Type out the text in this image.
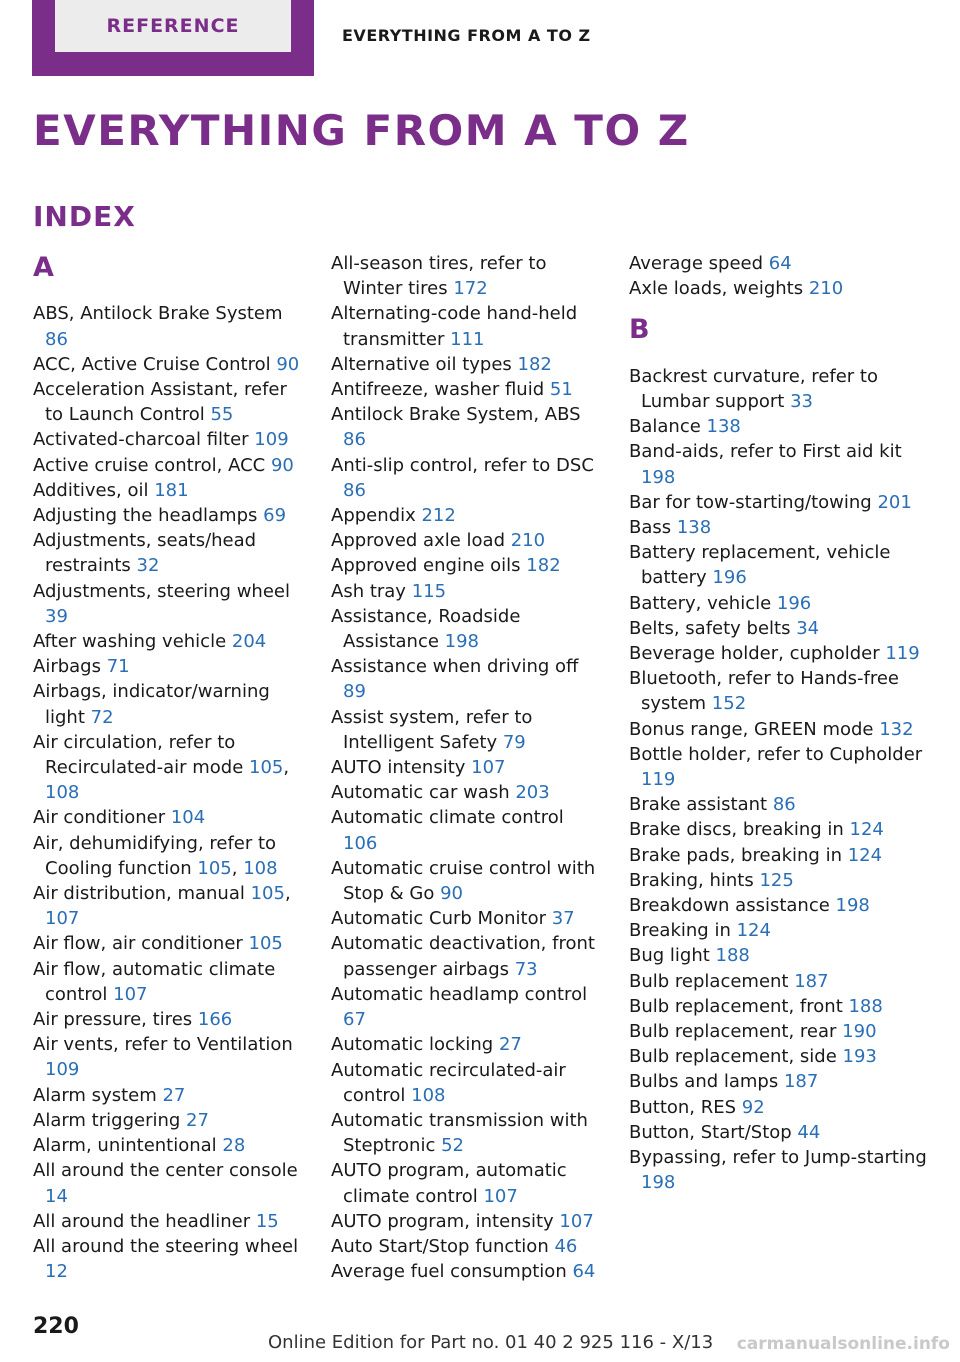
REFERENCE	EVERYTHING FROM A TO Z
EVERYTHING FROM A TO Z
INDEX
A
ABS, Antilock Brake System 86
ACC, Active Cruise Control 90
Acceleration Assistant, refer to Launch Control 55
Activated-charcoal filter 109
Active cruise control, ACC 90
Additives, oil 181
Adjusting the headlamps 69
Adjustments, seats/head restraints 32
Adjustments, steering wheel 39
After washing vehicle 204
Airbags 71
Airbags, indicator/warning light 72
Air circulation, refer to Recirculated-air mode 105, 108
Air conditioner 104
Air, dehumidifying, refer to Cooling function 105, 108
Air distribution, manual 105, 107
Air flow, air conditioner 105
Air flow, automatic climate control 107
Air pressure, tires 166
Air vents, refer to Ventilation 109
Alarm system 27
Alarm triggering 27
Alarm, unintentional 28
All around the center console 14
All around the headliner 15
All around the steering wheel 12
All-season tires, refer to Winter tires 172
Alternating-code hand-held transmitter 111
Alternative oil types 182
Antifreeze, washer fluid 51
Antilock Brake System, ABS 86
Anti-slip control, refer to DSC 86
Appendix 212
Approved axle load 210
Approved engine oils 182
Ash tray 115
Assistance, Roadside Assistance 198
Assistance when driving off 89
Assist system, refer to Intelligent Safety 79
AUTO intensity 107
Automatic car wash 203
Automatic climate control 106
Automatic cruise control with Stop & Go 90
Automatic Curb Monitor 37
Automatic deactivation, front passenger airbags 73
Automatic headlamp control 67
Automatic locking 27
Automatic recirculated-air control 108
Automatic transmission with Steptronic 52
AUTO program, automatic climate control 107
AUTO program, intensity 107
Auto Start/Stop function 46
Average fuel consumption 64
Average speed 64
Axle loads, weights 210
B
Backrest curvature, refer to Lumbar support 33
Balance 138
Band-aids, refer to First aid kit 198
Bar for tow-starting/towing 201
Bass 138
Battery replacement, vehicle battery 196
Battery, vehicle 196
Belts, safety belts 34
Beverage holder, cupholder 119
Bluetooth, refer to Hands-free system 152
Bonus range, GREEN mode 132
Bottle holder, refer to Cupholder 119
Brake assistant 86
Brake discs, breaking in 124
Brake pads, breaking in 124
Braking, hints 125
Breakdown assistance 198
Breaking in 124
Bug light 188
Bulb replacement 187
Bulb replacement, front 188
Bulb replacement, rear 190
Bulb replacement, side 193
Bulbs and lamps 187
Button, RES 92
Button, Start/Stop 44
Bypassing, refer to Jump-starting 198
220
Online Edition for Part no. 01 40 2 925 116 - X/13 carmanualsonline.info
